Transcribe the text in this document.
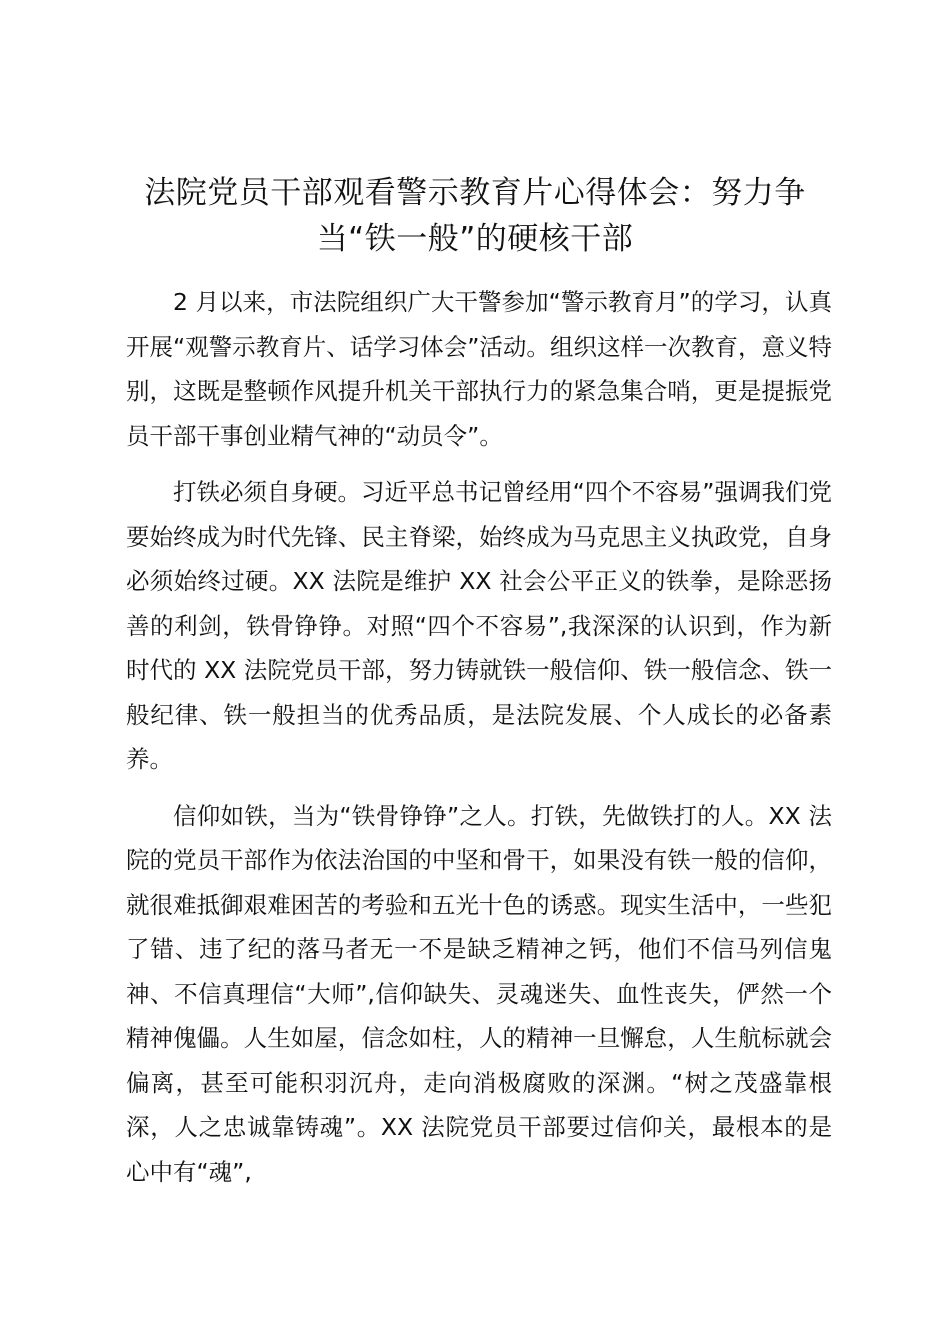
法院党员干部观看警示教育片心得体会：努力争当“铁一般”的硬核干部

2 月以来，市法院组织广大干警参加“警示教育月”的学习，认真开展“观警示教育片、话学习体会”活动。组织这样一次教育，意义特别，这既是整顿作风提升机关干部执行力的紧急集合哨，更是提振党员干部干事创业精气神的“动员令”。

打铁必须自身硬。习近平总书记曾经用“四个不容易”强调我们党要始终成为时代先锋、民主脊梁，始终成为马克思主义执政党，自身必须始终过硬。XX 法院是维护 XX 社会公平正义的铁拳，是除恶扬善的利剑，铁骨铮铮。对照“四个不容易”,我深深的认识到，作为新时代的 XX 法院党员干部，努力铸就铁一般信仰、铁一般信念、铁一般纪律、铁一般担当的优秀品质，是法院发展、个人成长的必备素养。

信仰如铁，当为“铁骨铮铮”之人。打铁，先做铁打的人。XX 法院的党员干部作为依法治国的中坚和骨干，如果没有铁一般的信仰，就很难抵御艰难困苦的考验和五光十色的诱惑。现实生活中，一些犯了错、违了纪的落马者无一不是缺乏精神之钙，他们不信马列信鬼神、不信真理信“大师”,信仰缺失、灵魂迷失、血性丧失，俨然一个精神傀儡。人生如屋，信念如柱，人的精神一旦懈怠，人生航标就会偏离，甚至可能积羽沉舟，走向消极腐败的深渊。“树之茂盛靠根深，人之忠诚靠铸魂”。XX 法院党员干部要过信仰关，最根本的是心中有“魂”,
